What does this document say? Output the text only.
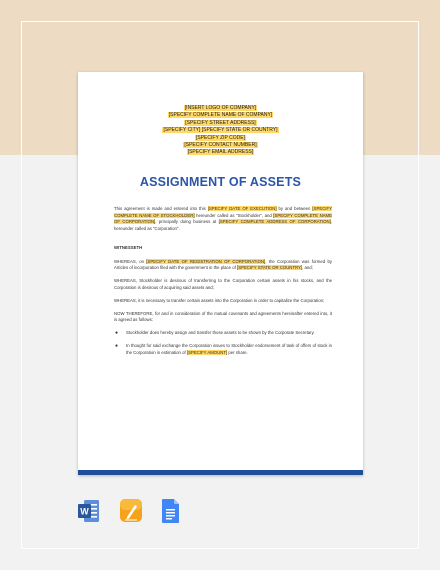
[INSERT LOGO OF COMPANY]
[SPECIFY COMPLETE NAME OF COMPANY]
[SPECIFY STREET ADDRESS]
[SPECIFY CITY] [SPECIFY STATE OR COUNTRY]
[SPECIFY ZIP CODE]
[SPECIFY CONTACT NUMBER]
[SPECIFY EMAIL ADDRESS]
ASSIGNMENT OF ASSETS

This agreement is made and entered into this [SPECIFY DATE OF EXECUTION] by and between [SPECIFY COMPLETE NAME OF STOCKHOLDER] hereunder called as "Stockholder", and [SPECIFY COMPLETE NAME OF CORPORATION], principally doing business at [SPECIFY COMPLETE ADDRESS OF CORPORATION], hereunder called as "Corporation".

WITNESSETH

WHEREAS, on [SPECIFY DATE OF REGISTRATION OF CORPORATION], the Corporation was formed by Articles of incorporation filed with the government in the place of [SPECIFY STATE OR COUNTRY], and;

WHEREAS, Stockholder is desirous of transferring to the Corporation certain assets in his stocks, and the Corporation is desirous of acquiring said assets and;

WHEREAS, it is necessary to transfer certain assets into the Corporation in order to capitalize the Corporation;

NOW THEREFORE, for and in consideration of the mutual covenants and agreements hereinafter entered into, it is agreed as follows:

● Stockholder does hereby assign and transfer those assets to be shown by the Corporate Secretary.
● In thought for said exchange the Corporation issues to Stockholder endorsement of task of offers of stock in the Corporation in estimation of [SPECIFY AMOUNT] per share.
W
